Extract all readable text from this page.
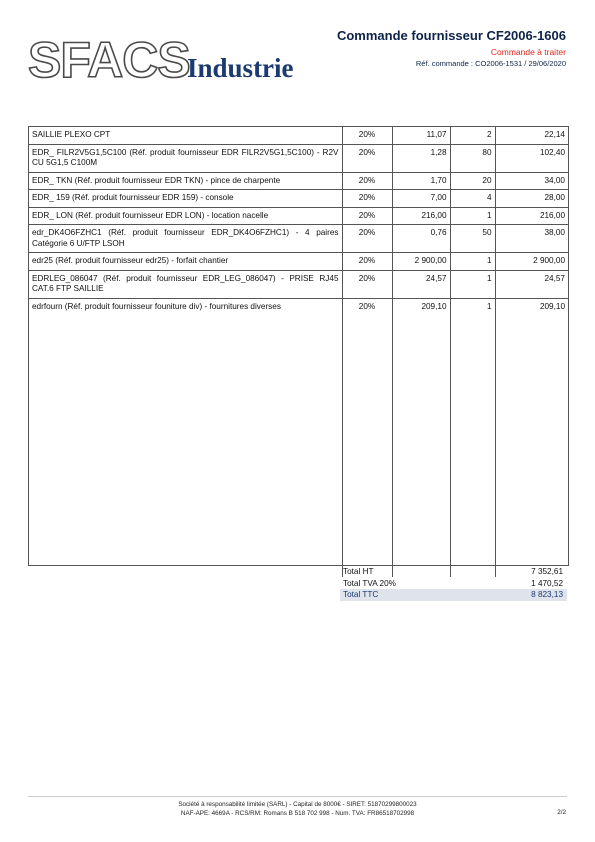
SFACS
Industrie
Commande fournisseur CF2006-1606
Commande à traiter
Réf. commande : CO2006-1531 / 29/06/2020
SAILLIE PLEXO CPT	20%	11,07	2	22,14
EDR_ FILR2V5G1,5C100 (Réf. produit fournisseur EDR FILR2V5G1,5C100) - R2V CU 5G1,5 C100M	20%	1,28	80	102,40
EDR_ TKN (Réf. produit fournisseur EDR TKN) - pince de charpente	20%	1,70	20	34,00
EDR_ 159 (Réf. produit fournisseur EDR 159) - console	20%	7,00	4	28,00
EDR_ LON (Réf. produit fournisseur EDR LON) - location nacelle	20%	216,00	1	216,00
edr_DK4O6FZHC1 (Réf. produit fournisseur EDR_DK4O6FZHC1) - 4 paires Catégorie 6 U/FTP LSOH	20%	0,76	50	38,00
edr25 (Réf. produit fournisseur edr25) - forfait chantier	20%	2 900,00	1	2 900,00
EDRLEG_086047 (Réf. produit fournisseur EDR_LEG_086047) - PRISE RJ45 CAT.6 FTP SAILLIE	20%	24,57	1	24,57
edrfourn (Réf. produit fournisseur founiture div) - fournitures diverses	20%	209,10	1	209,10

Total HT	7 352,61
Total TVA 20%	1 470,52
Total TTC	8 823,13
Société à responsabilité limitée (SARL) - Capital de 8000€ - SIRET: 51870299800023
NAF-APE: 4669A - RCS/RM: Romans B 518 702 998 - Num. TVA: FR86518702998	2/2
